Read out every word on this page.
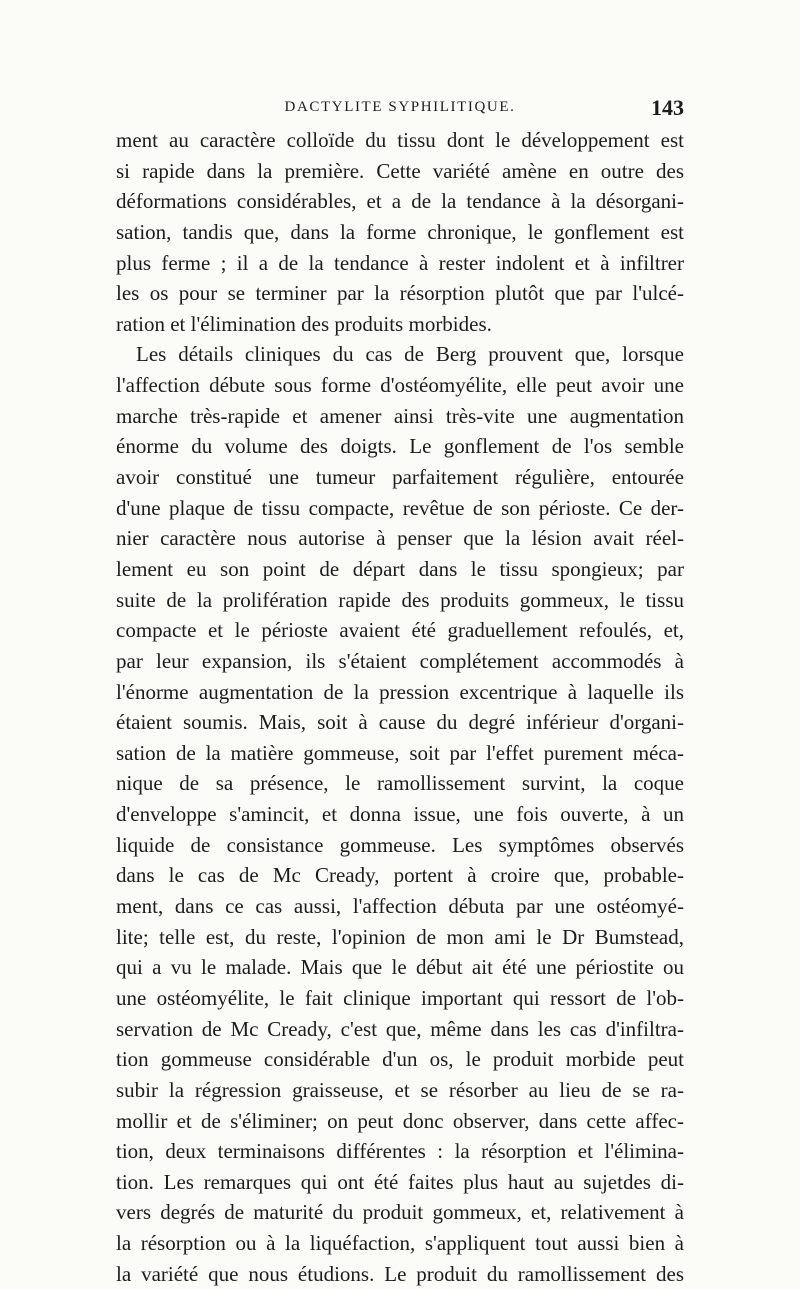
DACTYLITE SYPHILITIQUE.	143
ment au caractère colloïde du tissu dont le développement est
si rapide dans la première. Cette variété amène en outre des
déformations considérables, et a de la tendance à la désorgani-
sation, tandis que, dans la forme chronique, le gonflement est
plus ferme ; il a de la tendance à rester indolent et à infiltrer
les os pour se terminer par la résorption plutôt que par l'ulcé-
ration et l'élimination des produits morbides.
Les détails cliniques du cas de Berg prouvent que, lorsque
l'affection débute sous forme d'ostéomyélite, elle peut avoir une
marche très-rapide et amener ainsi très-vite une augmentation
énorme du volume des doigts. Le gonflement de l'os semble
avoir constitué une tumeur parfaitement régulière, entourée
d'une plaque de tissu compacte, revêtue de son périoste. Ce der-
nier caractère nous autorise à penser que la lésion avait réel-
lement eu son point de départ dans le tissu spongieux; par
suite de la prolifération rapide des produits gommeux, le tissu
compacte et le périoste avaient été graduellement refoulés, et,
par leur expansion, ils s'étaient complétement accommodés à
l'énorme augmentation de la pression excentrique à laquelle ils
étaient soumis. Mais, soit à cause du degré inférieur d'organi-
sation de la matière gommeuse, soit par l'effet purement méca-
nique de sa présence, le ramollissement survint, la coque
d'enveloppe s'amincit, et donna issue, une fois ouverte, à un
liquide de consistance gommeuse. Les symptômes observés
dans le cas de Mc Cready, portent à croire que, probable-
ment, dans ce cas aussi, l'affection débuta par une ostéomyé-
lite; telle est, du reste, l'opinion de mon ami le Dr Bumstead,
qui a vu le malade. Mais que le début ait été une périostite ou
une ostéomyélite, le fait clinique important qui ressort de l'ob-
servation de Mc Cready, c'est que, même dans les cas d'infiltra-
tion gommeuse considérable d'un os, le produit morbide peut
subir la régression graisseuse, et se résorber au lieu de se ra-
mollir et de s'éliminer; on peut donc observer, dans cette affec-
tion, deux terminaisons différentes : la résorption et l'élimina-
tion. Les remarques qui ont été faites plus haut au sujetdes di-
vers degrés de maturité du produit gommeux, et, relativement à
la résorption ou à la liquéfaction, s'appliquent tout aussi bien à
la variété que nous étudions. Le produit du ramollissement des
